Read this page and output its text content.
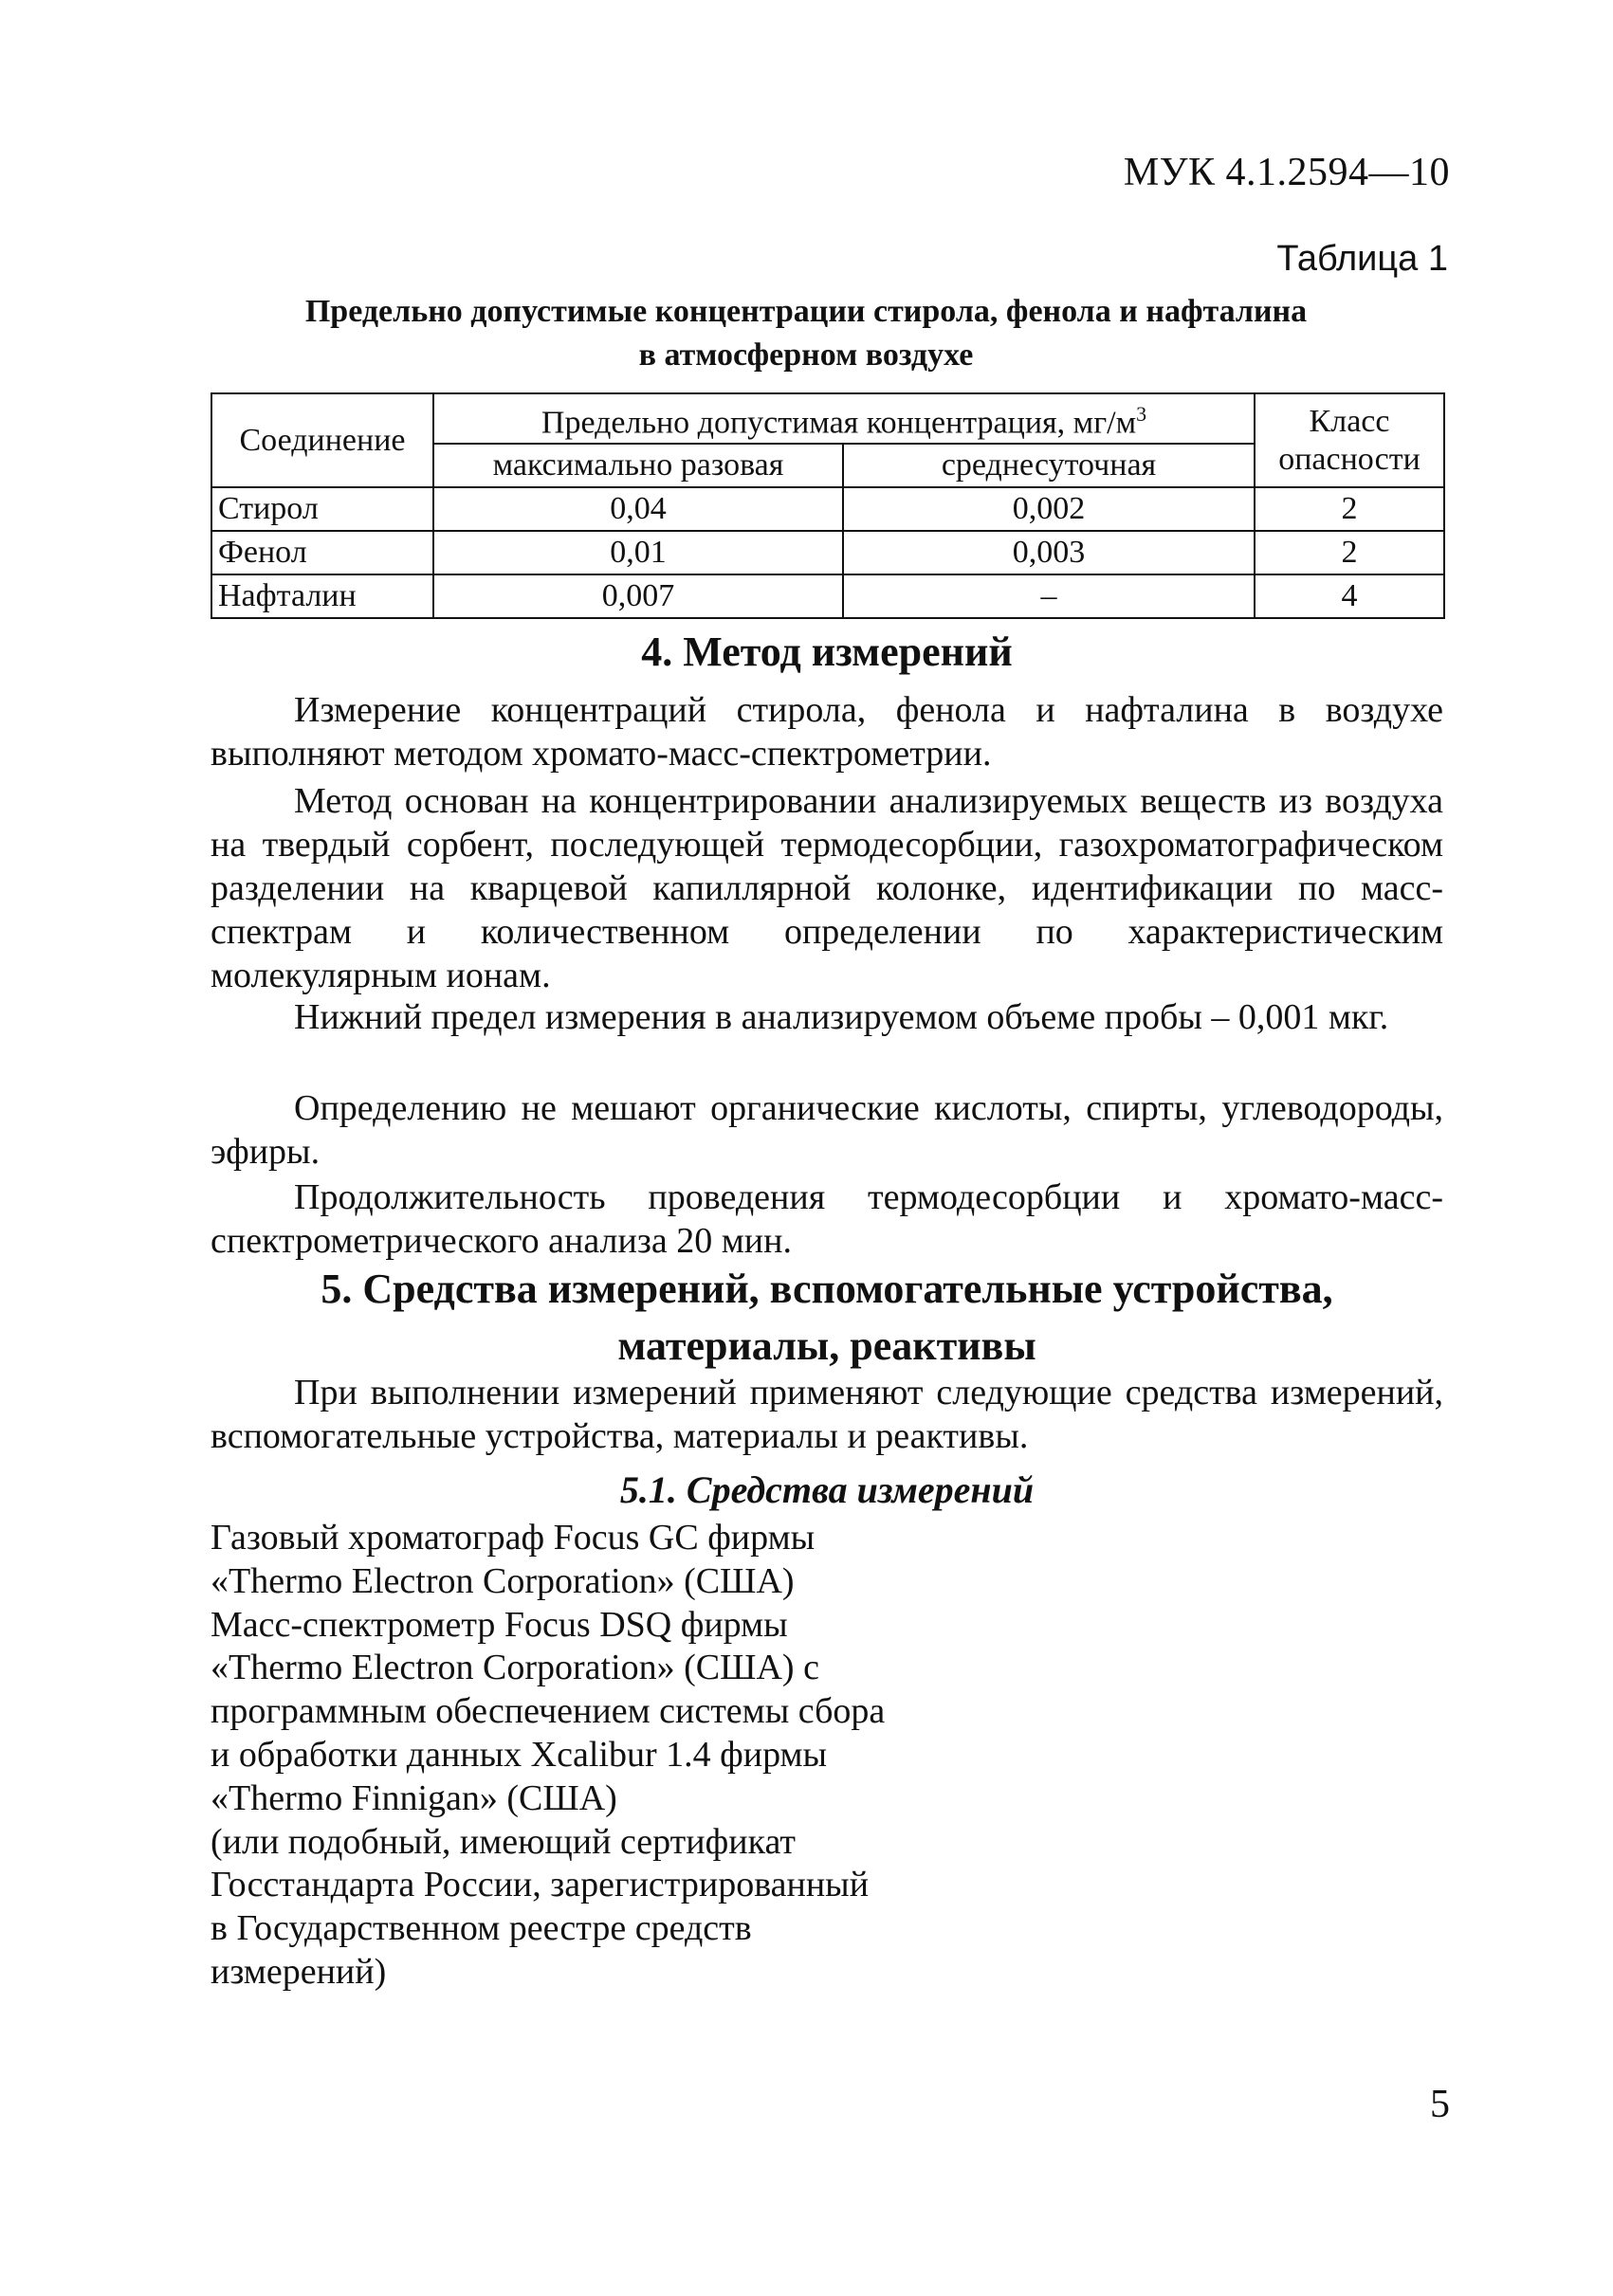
МУК 4.1.2594—10
Таблица 1
Предельно допустимые концентрации стирола, фенола и нафталина
в атмосферном воздухе
Соединение	Предельно допустимая концентрация, $мг/м^3$		Класс опасности
	максимально разовая	среднесуточная	
Стирол	0,04	0,002	2
Фенол	0,01	0,003	2
Нафталин	0,007	–	4
4. Метод измерений
Измерение концентраций стирола, фенола и нафталина в воздухе выполняют методом хромато-масс-спектрометрии.
Метод основан на концентрировании анализируемых веществ из воздуха на твердый сорбент, последующей термодесорбции, газохроматографическом разделении на кварцевой капиллярной колонке, идентификации по масс-спектрам и количественном определении по характеристическим молекулярным ионам.
Нижний предел измерения в анализируемом объеме пробы – 0,001 мкг.
Определению не мешают органические кислоты, спирты, углеводороды, эфиры.
Продолжительность проведения термодесорбции и хромато-масс-спектрометрического анализа 20 мин.
5. Средства измерений, вспомогательные устройства,
материалы, реактивы
При выполнении измерений применяют следующие средства измерений, вспомогательные устройства, материалы и реактивы.
5.1. Средства измерений
Газовый хроматограф Focus GC фирмы
«Thermo Electron Corporation» (США)
Масс-спектрометр Focus DSQ фирмы
«Thermo Electron Corporation» (США) с
программным обеспечением системы сбора
и обработки данных Xcalibur 1.4 фирмы
«Thermo Finnigan» (США)
(или подобный, имеющий сертификат
Госстандарта России, зарегистрированный
в Государственном реестре средств
измерений)
5
